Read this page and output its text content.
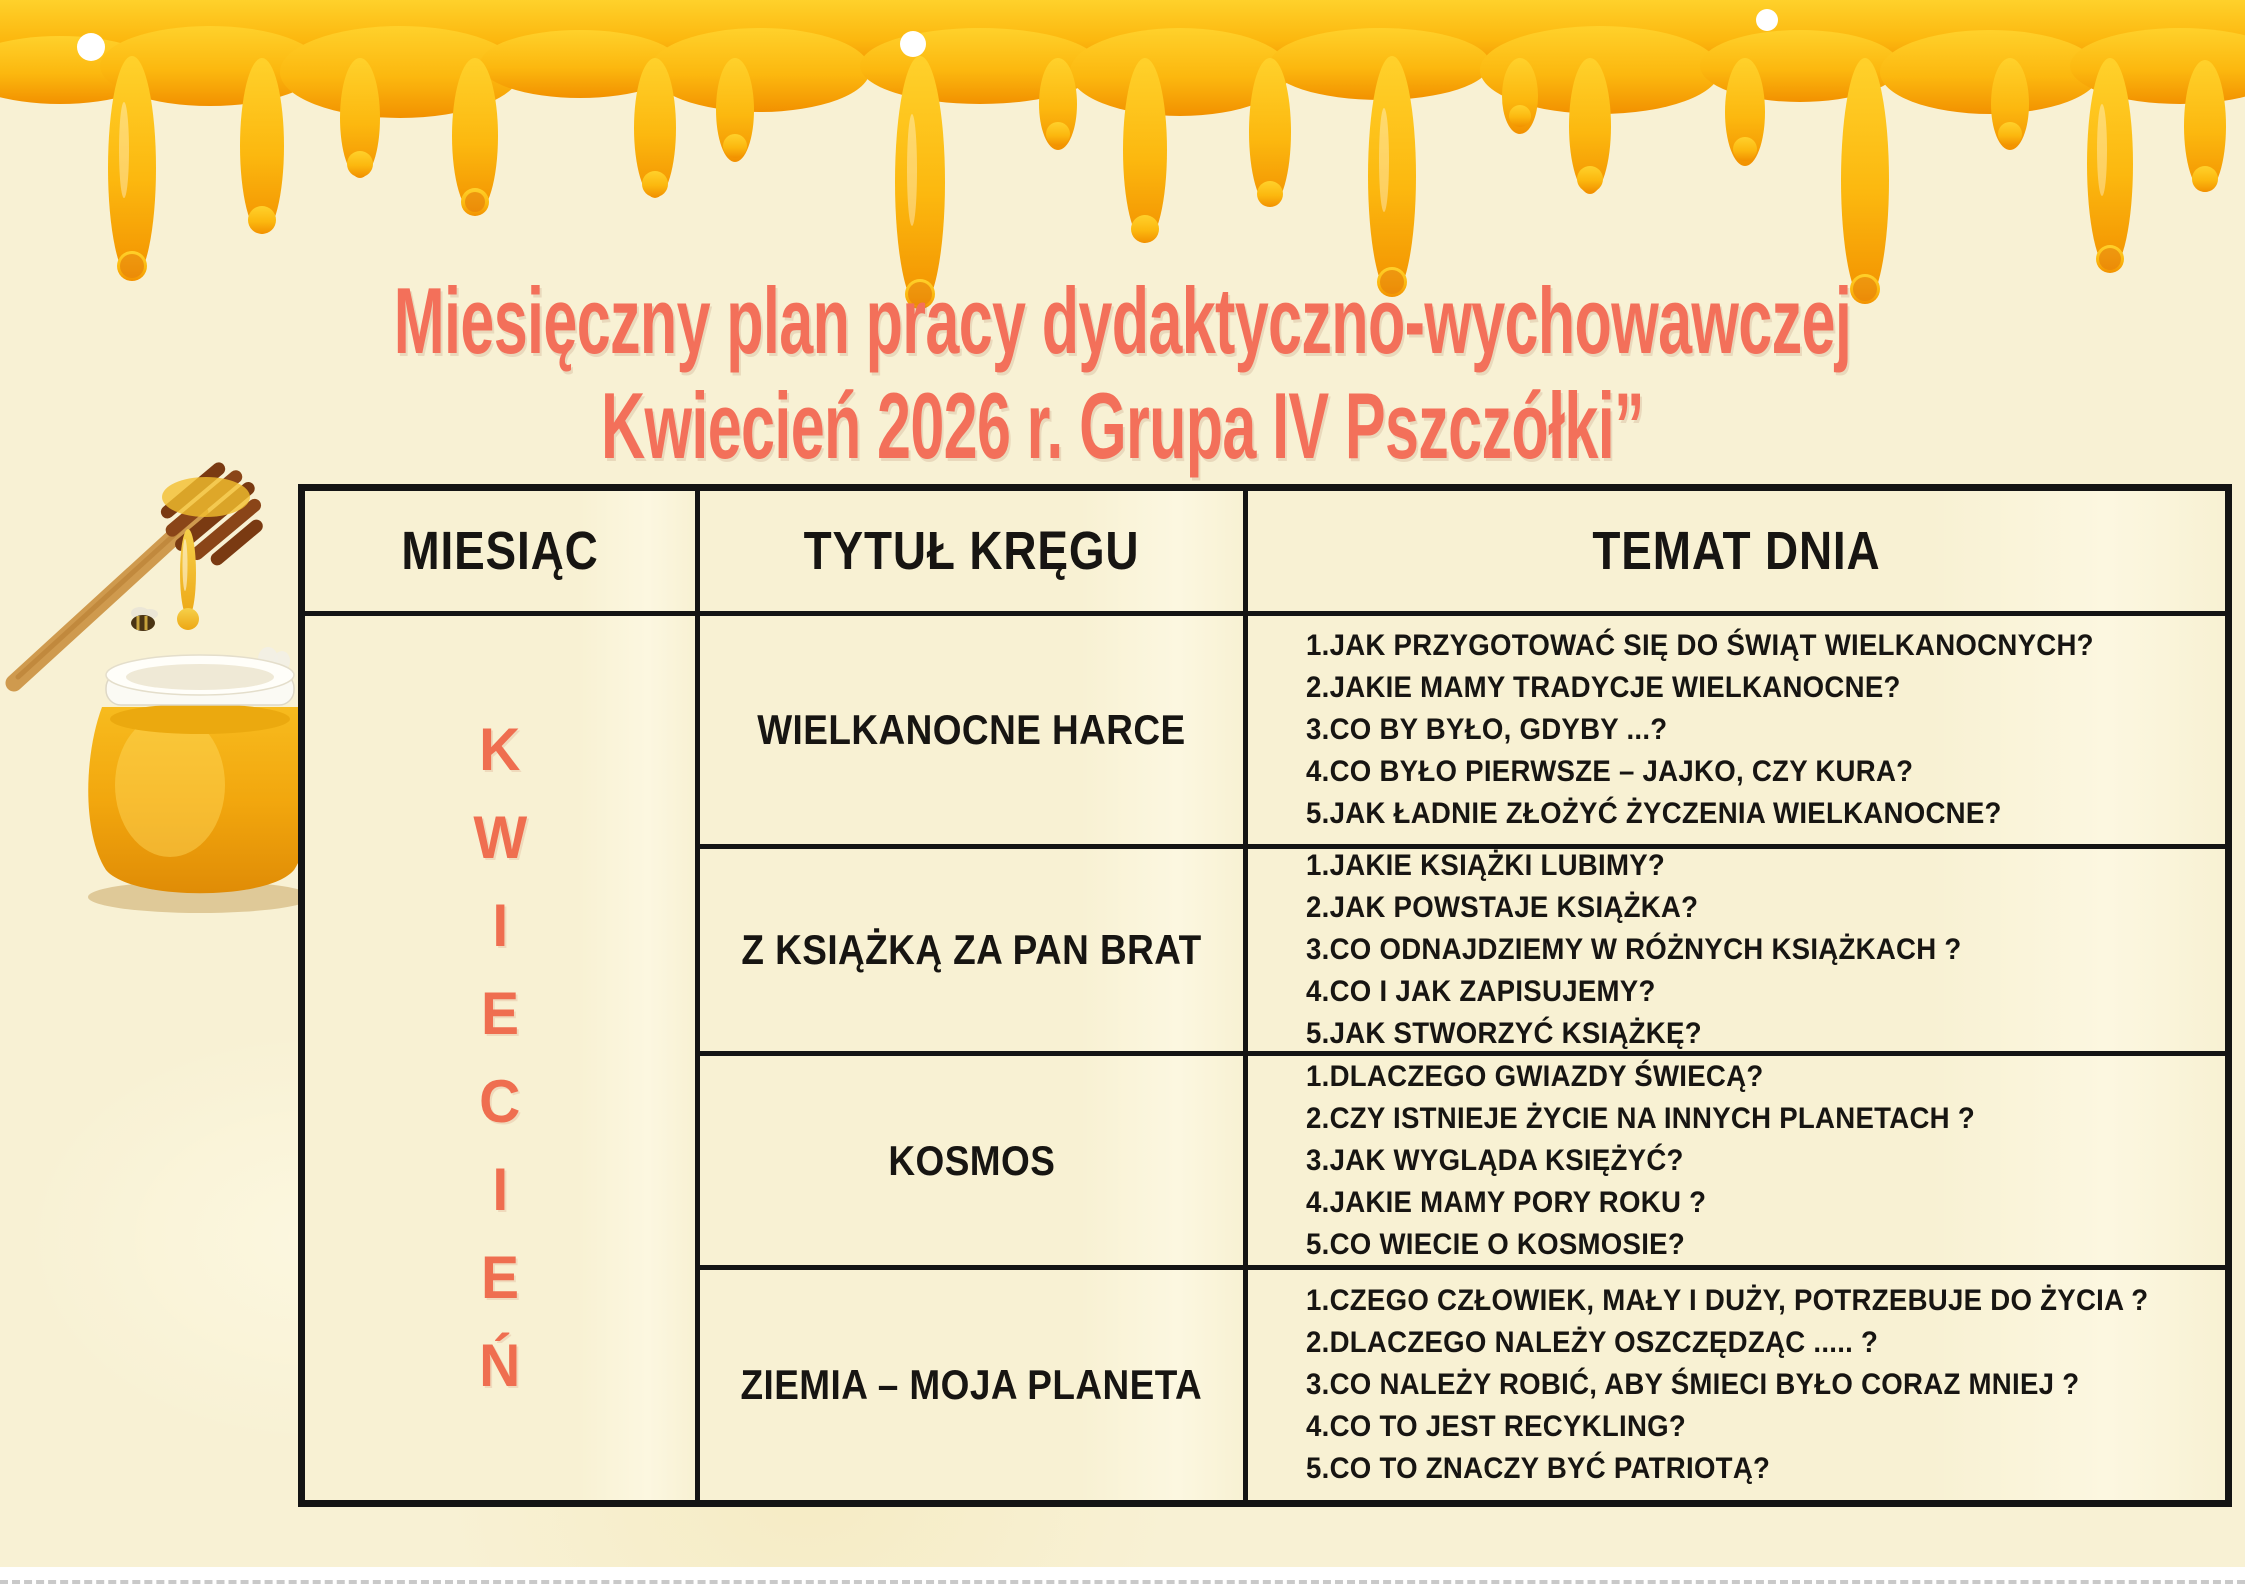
Miesięczny plan pracy dydaktyczno-wychowawczej
Kwiecień 2026 r. Grupa IV Pszczółki”
MIESIĄC	TYTUŁ KRĘGU	TEMAT DNIA
K
W
I
E
C
I
E
Ń
WIELKANOCNE HARCE
1.JAK PRZYGOTOWAĆ SIĘ DO ŚWIĄT WIELKANOCNYCH?
2.JAKIE MAMY TRADYCJE WIELKANOCNE?
3.CO BY BYŁO, GDYBY ...?
4.CO BYŁO PIERWSZE – JAJKO, CZY KURA?
5.JAK ŁADNIE ZŁOŻYĆ ŻYCZENIA WIELKANOCNE?
Z KSIĄŻKĄ ZA PAN BRAT
1.JAKIE KSIĄŻKI LUBIMY?
2.JAK POWSTAJE KSIĄŻKA?
3.CO ODNAJDZIEMY W RÓŻNYCH KSIĄŻKACH ?
4.CO I JAK ZAPISUJEMY?
5.JAK STWORZYĆ KSIĄŻKĘ?
KOSMOS
1.DLACZEGO GWIAZDY ŚWIECĄ?
2.CZY ISTNIEJE ŻYCIE NA INNYCH PLANETACH ?
3.JAK WYGLĄDA KSIĘŻYĆ?
4.JAKIE MAMY PORY ROKU ?
5.CO WIECIE O KOSMOSIE?
ZIEMIA – MOJA PLANETA
1.CZEGO CZŁOWIEK, MAŁY I DUŻY, POTRZEBUJE DO ŻYCIA ?
2.DLACZEGO NALEŻY OSZCZĘDZĄC ..... ?
3.CO NALEŻY ROBIĆ, ABY ŚMIECI BYŁO CORAZ MNIEJ ?
4.CO TO JEST RECYKLING?
5.CO TO ZNACZY BYĆ PATRIOTĄ?
